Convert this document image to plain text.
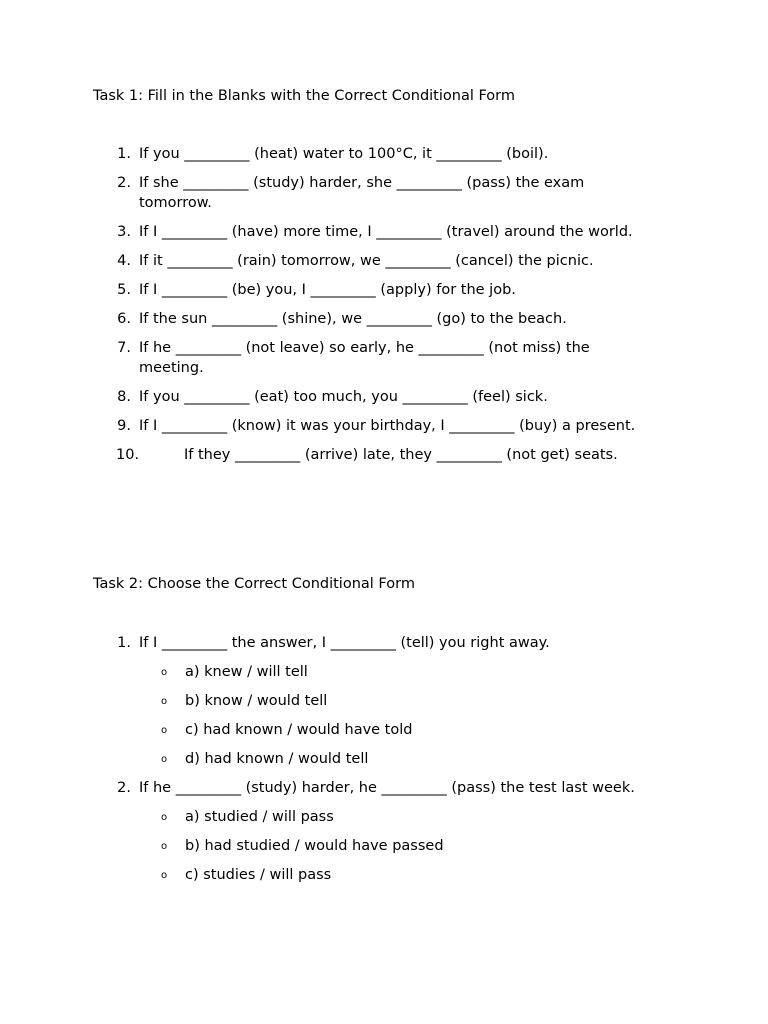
Task 1: Fill in the Blanks with the Correct Conditional Form
1. If you _________ (heat) water to 100°C, it _________ (boil).
2. If she _________ (study) harder, she _________ (pass) the exam tomorrow.
3. If I _________ (have) more time, I _________ (travel) around the world.
4. If it _________ (rain) tomorrow, we _________ (cancel) the picnic.
5. If I _________ (be) you, I _________ (apply) for the job.
6. If the sun _________ (shine), we _________ (go) to the beach.
7. If he _________ (not leave) so early, he _________ (not miss) the meeting.
8. If you _________ (eat) too much, you _________ (feel) sick.
9. If I _________ (know) it was your birthday, I _________ (buy) a present.
10.	If they _________ (arrive) late, they _________ (not get) seats.
Task 2: Choose the Correct Conditional Form
1. If I _________ the answer, I _________ (tell) you right away.
o a) knew / will tell
o b) know / would tell
o c) had known / would have told
o d) had known / would tell
2. If he _________ (study) harder, he _________ (pass) the test last week.
o a) studied / will pass
o b) had studied / would have passed
o c) studies / will pass
